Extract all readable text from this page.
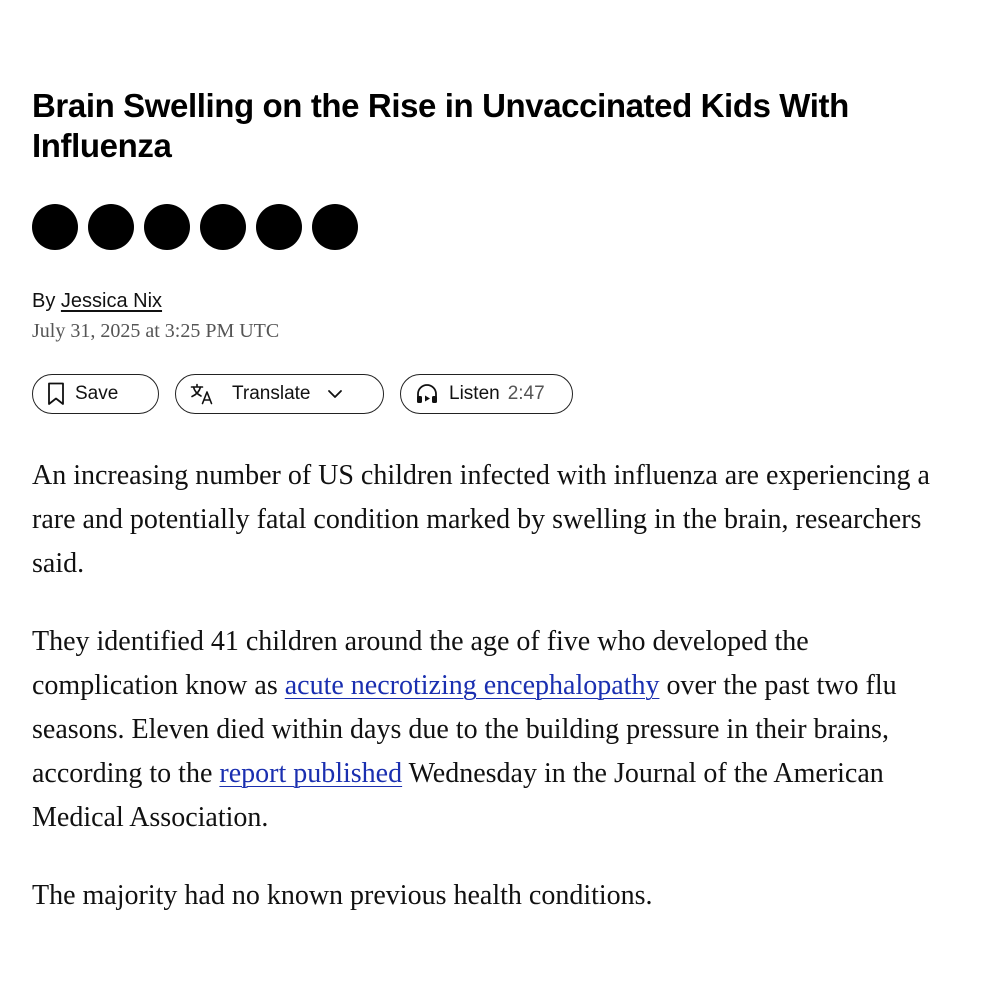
Brain Swelling on the Rise in Unvaccinated Kids With Influenza
By Jessica Nix
July 31, 2025 at 3:25 PM UTC
Save	Translate	Listen 2:47

An increasing number of US children infected with influenza are experiencing a rare and potentially fatal condition marked by swelling in the brain, researchers said.

They identified 41 children around the age of five who developed the complication know as acute necrotizing encephalopathy over the past two flu seasons. Eleven died within days due to the building pressure in their brains, according to the report published Wednesday in the Journal of the American Medical Association.

The majority had no known previous health conditions.
